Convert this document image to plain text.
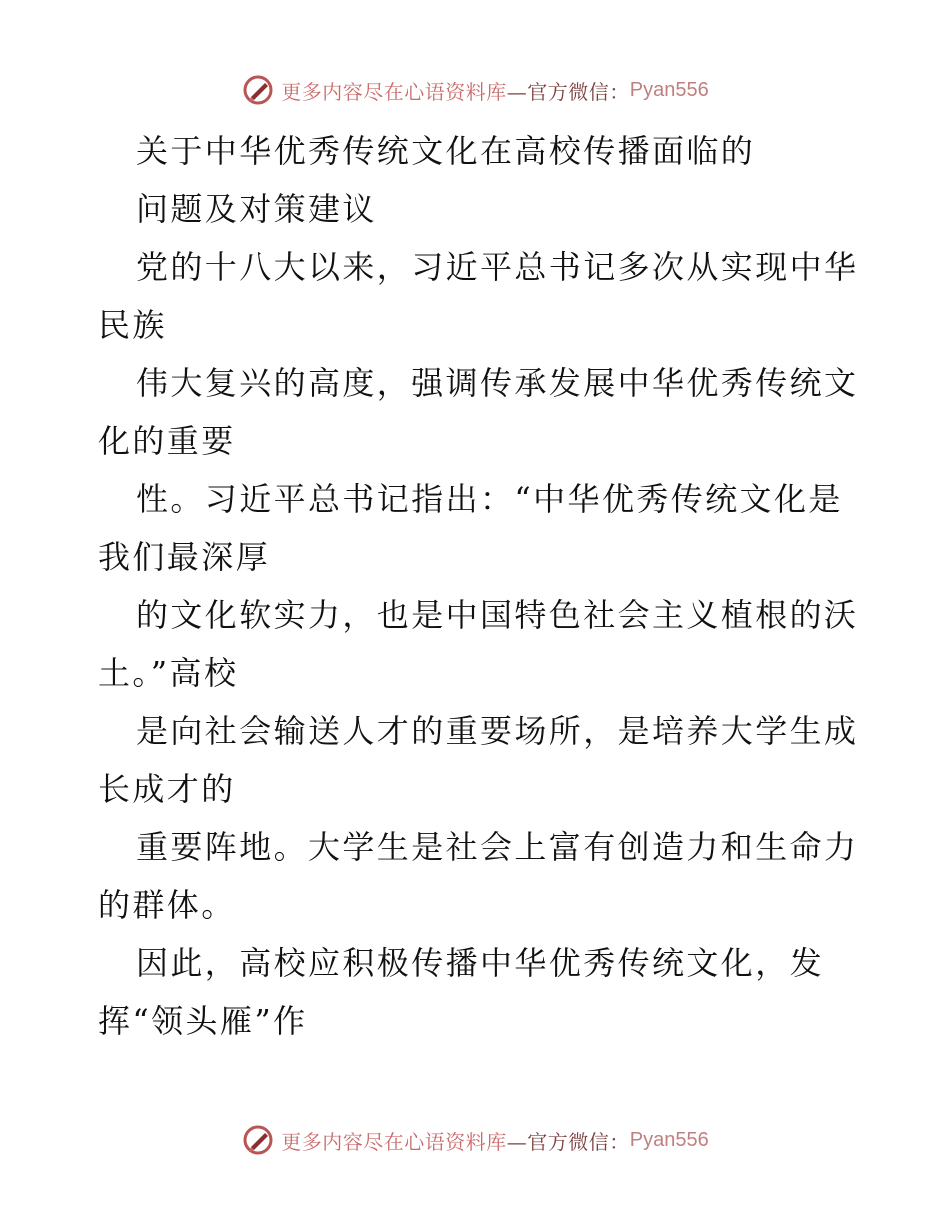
更多内容尽在心语资料库 —官方微信： Pyan556
关于中华优秀传统文化在高校传播面临的
问题及对策建议
党的十八大以来，习近平总书记多次从实现中华
民族
伟大复兴的高度，强调传承发展中华优秀传统文
化的重要
性。习近平总书记指出：“中华优秀传统文化是
我们最深厚
的文化软实力，也是中国特色社会主义植根的沃
土。”高校
是向社会输送人才的重要场所，是培养大学生成
长成才的
重要阵地。大学生是社会上富有创造力和生命力
的群体。
因此，高校应积极传播中华优秀传统文化，发
挥“领头雁”作
更多内容尽在心语资料库 —官方微信： Pyan556
